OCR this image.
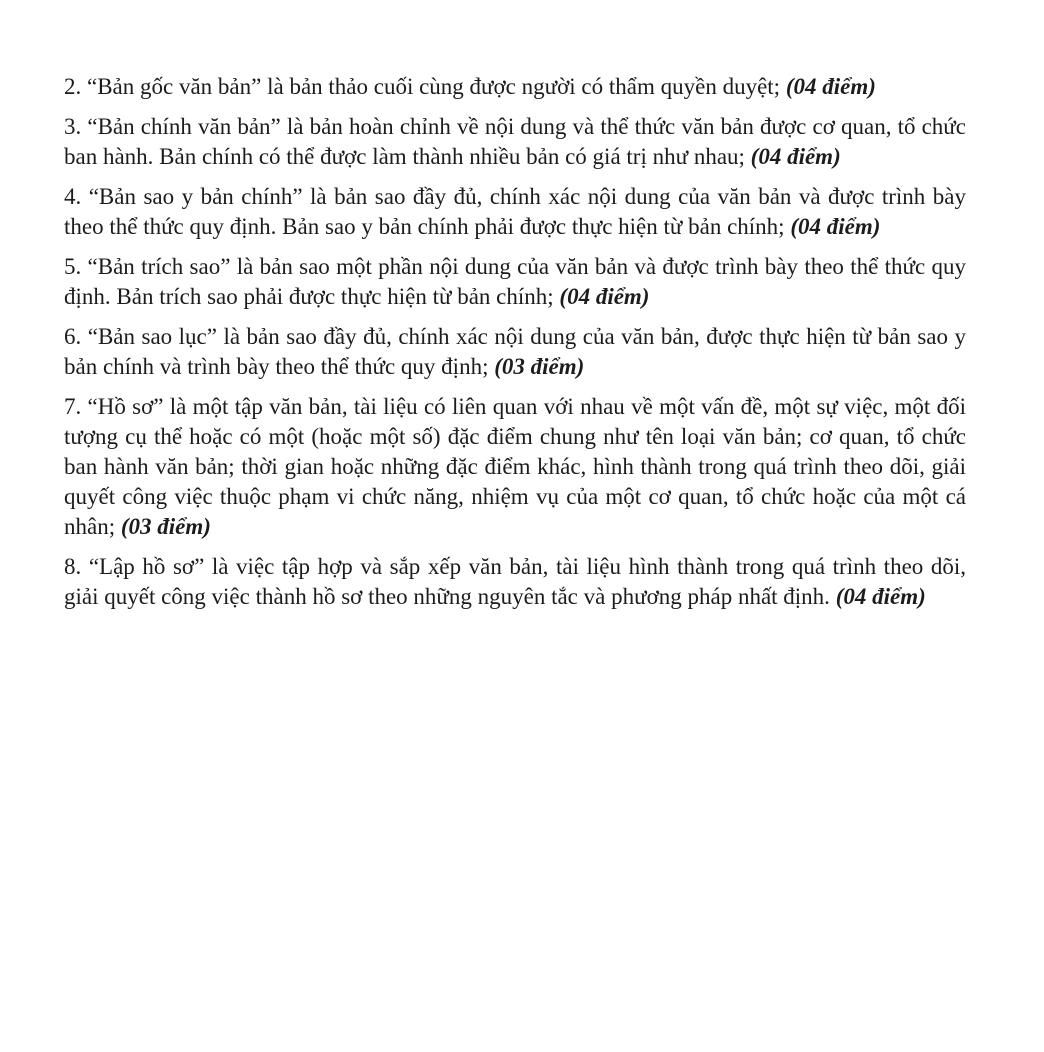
2. “Bản gốc văn bản” là bản thảo cuối cùng được người có thẩm quyền duyệt; (04 điểm)

3. “Bản chính văn bản” là bản hoàn chỉnh về nội dung và thể thức văn bản được cơ quan, tổ chức ban hành. Bản chính có thể được làm thành nhiều bản có giá trị như nhau; (04 điểm)

4. “Bản sao y bản chính” là bản sao đầy đủ, chính xác nội dung của văn bản và được trình bày theo thể thức quy định. Bản sao y bản chính phải được thực hiện từ bản chính; (04 điểm)

5. “Bản trích sao” là bản sao một phần nội dung của văn bản và được trình bày theo thể thức quy định. Bản trích sao phải được thực hiện từ bản chính; (04 điểm)

6. “Bản sao lục” là bản sao đầy đủ, chính xác nội dung của văn bản, được thực hiện từ bản sao y bản chính và trình bày theo thể thức quy định; (03 điểm)

7. “Hồ sơ” là một tập văn bản, tài liệu có liên quan với nhau về một vấn đề, một sự việc, một đối tượng cụ thể hoặc có một (hoặc một số) đặc điểm chung như tên loại văn bản; cơ quan, tổ chức ban hành văn bản; thời gian hoặc những đặc điểm khác, hình thành trong quá trình theo dõi, giải quyết công việc thuộc phạm vi chức năng, nhiệm vụ của một cơ quan, tổ chức hoặc của một cá nhân; (03 điểm)

8. “Lập hồ sơ” là việc tập hợp và sắp xếp văn bản, tài liệu hình thành trong quá trình theo dõi, giải quyết công việc thành hồ sơ theo những nguyên tắc và phương pháp nhất định. (04 điểm)
